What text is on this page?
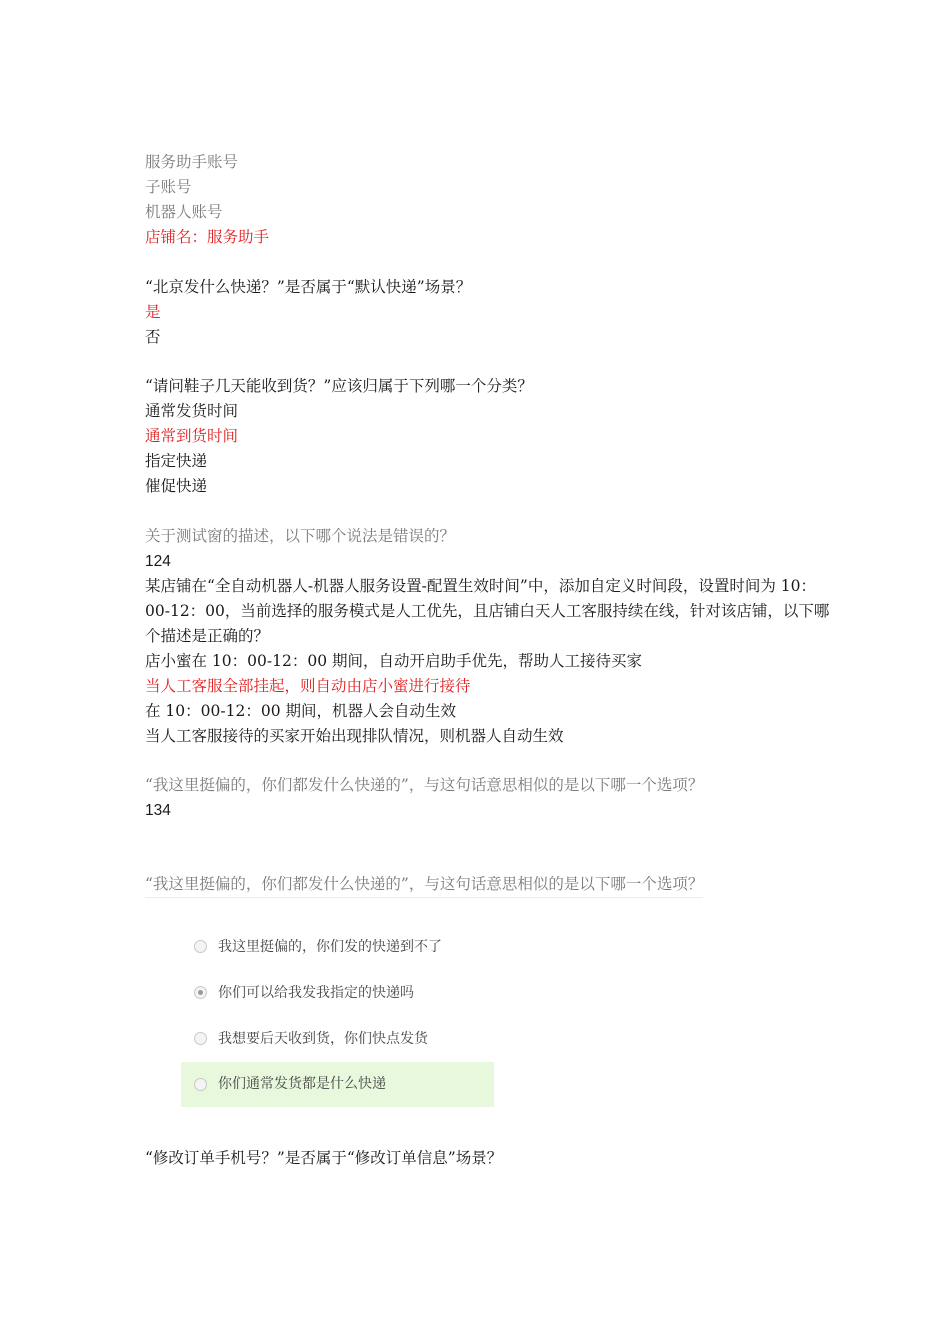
服务助手账号
子账号
机器人账号
店铺名：服务助手
“北京发什么快递？”是否属于“默认快递”场景？
是
否
“请问鞋子几天能收到货？”应该归属于下列哪一个分类？
通常发货时间
通常到货时间
指定快递
催促快递
关于测试窗的描述，以下哪个说法是错误的？
124
某店铺在“全自动机器人-机器人服务设置-配置生效时间”中，添加自定义时间段，设置时间为 10：00-12：00，当前选择的服务模式是人工优先，且店铺白天人工客服持续在线，针对该店铺，以下哪个描述是正确的？
店小蜜在 10：00-12：00 期间，自动开启助手优先，帮助人工接待买家
当人工客服全部挂起，则自动由店小蜜进行接待
在 10：00-12：00 期间，机器人会自动生效
当人工客服接待的买家开始出现排队情况，则机器人自动生效
“我这里挺偏的，你们都发什么快递的”，与这句话意思相似的是以下哪一个选项？
134
“我这里挺偏的，你们都发什么快递的”，与这句话意思相似的是以下哪一个选项？
我这里挺偏的，你们发的快递到不了
你们可以给我发我指定的快递吗
我想要后天收到货，你们快点发货
你们通常发货都是什么快递
“修改订单手机号？”是否属于“修改订单信息”场景？
